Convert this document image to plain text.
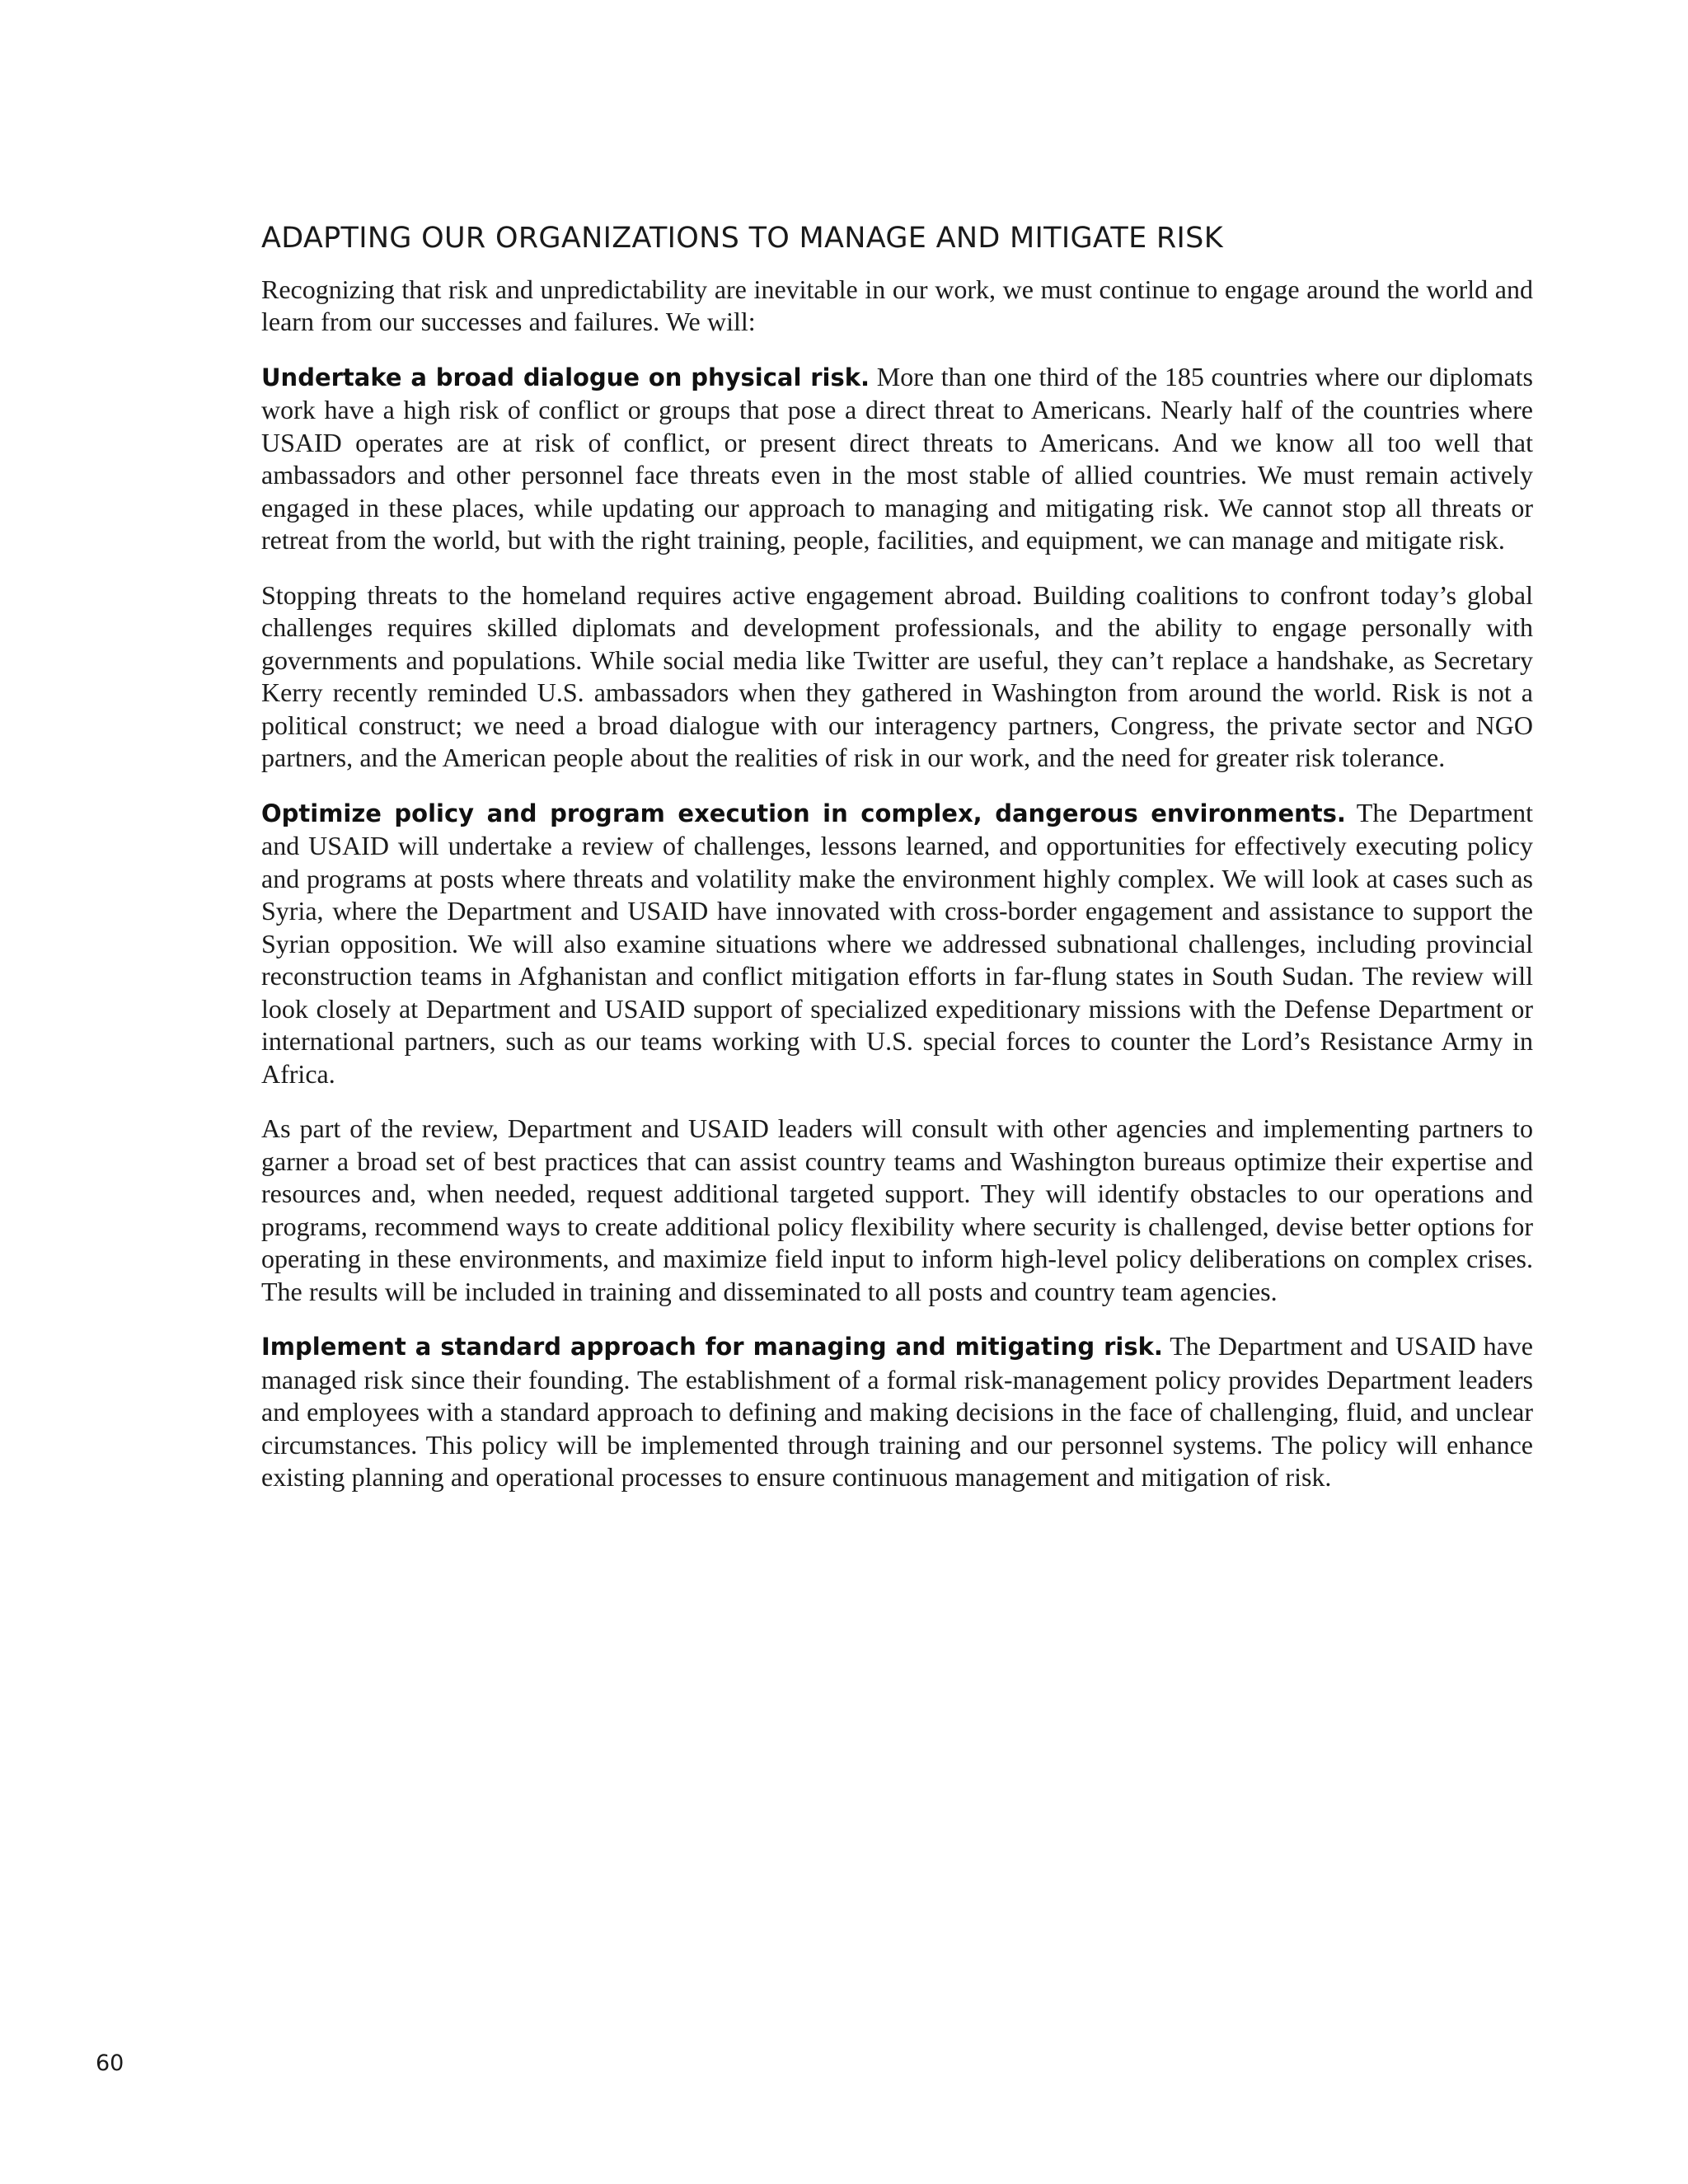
ADAPTING OUR ORGANIZATIONS TO MANAGE AND MITIGATE RISK

Recognizing that risk and unpredictability are inevitable in our work, we must continue to engage around the world and learn from our successes and failures. We will:

Undertake a broad dialogue on physical risk. More than one third of the 185 countries where our diplomats work have a high risk of conflict or groups that pose a direct threat to Americans. Nearly half of the countries where USAID operates are at risk of conflict, or present direct threats to Americans. And we know all too well that ambassadors and other personnel face threats even in the most stable of allied countries. We must remain actively engaged in these places, while updating our approach to managing and mitigating risk. We cannot stop all threats or retreat from the world, but with the right training, people, facilities, and equipment, we can manage and mitigate risk.

Stopping threats to the homeland requires active engagement abroad. Building coalitions to confront today’s global challenges requires skilled diplomats and development professionals, and the ability to engage personally with governments and populations. While social media like Twitter are useful, they can’t replace a handshake, as Secretary Kerry recently reminded U.S. ambassadors when they gathered in Washington from around the world. Risk is not a political construct; we need a broad dialogue with our interagency partners, Congress, the private sector and NGO partners, and the American people about the realities of risk in our work, and the need for greater risk tolerance.

Optimize policy and program execution in complex, dangerous environments. The Department and USAID will undertake a review of challenges, lessons learned, and opportunities for effectively executing policy and programs at posts where threats and volatility make the environment highly complex. We will look at cases such as Syria, where the Department and USAID have innovated with cross-border engagement and assistance to support the Syrian opposition. We will also examine situations where we addressed subnational challenges, including provincial reconstruction teams in Afghanistan and conflict mitigation efforts in far-flung states in South Sudan. The review will look closely at Department and USAID support of specialized expeditionary missions with the Defense Department or international partners, such as our teams working with U.S. special forces to counter the Lord’s Resistance Army in Africa.

As part of the review, Department and USAID leaders will consult with other agencies and implementing partners to garner a broad set of best practices that can assist country teams and Washington bureaus optimize their expertise and resources and, when needed, request additional targeted support. They will identify obstacles to our operations and programs, recommend ways to create additional policy flexibility where security is challenged, devise better options for operating in these environments, and maximize field input to inform high-level policy deliberations on complex crises. The results will be included in training and disseminated to all posts and country team agencies.

Implement a standard approach for managing and mitigating risk. The Department and USAID have managed risk since their founding. The establishment of a formal risk-management policy provides Department leaders and employees with a standard approach to defining and making decisions in the face of challenging, fluid, and unclear circumstances. This policy will be implemented through training and our personnel systems. The policy will enhance existing planning and operational processes to ensure continuous management and mitigation of risk.

60
